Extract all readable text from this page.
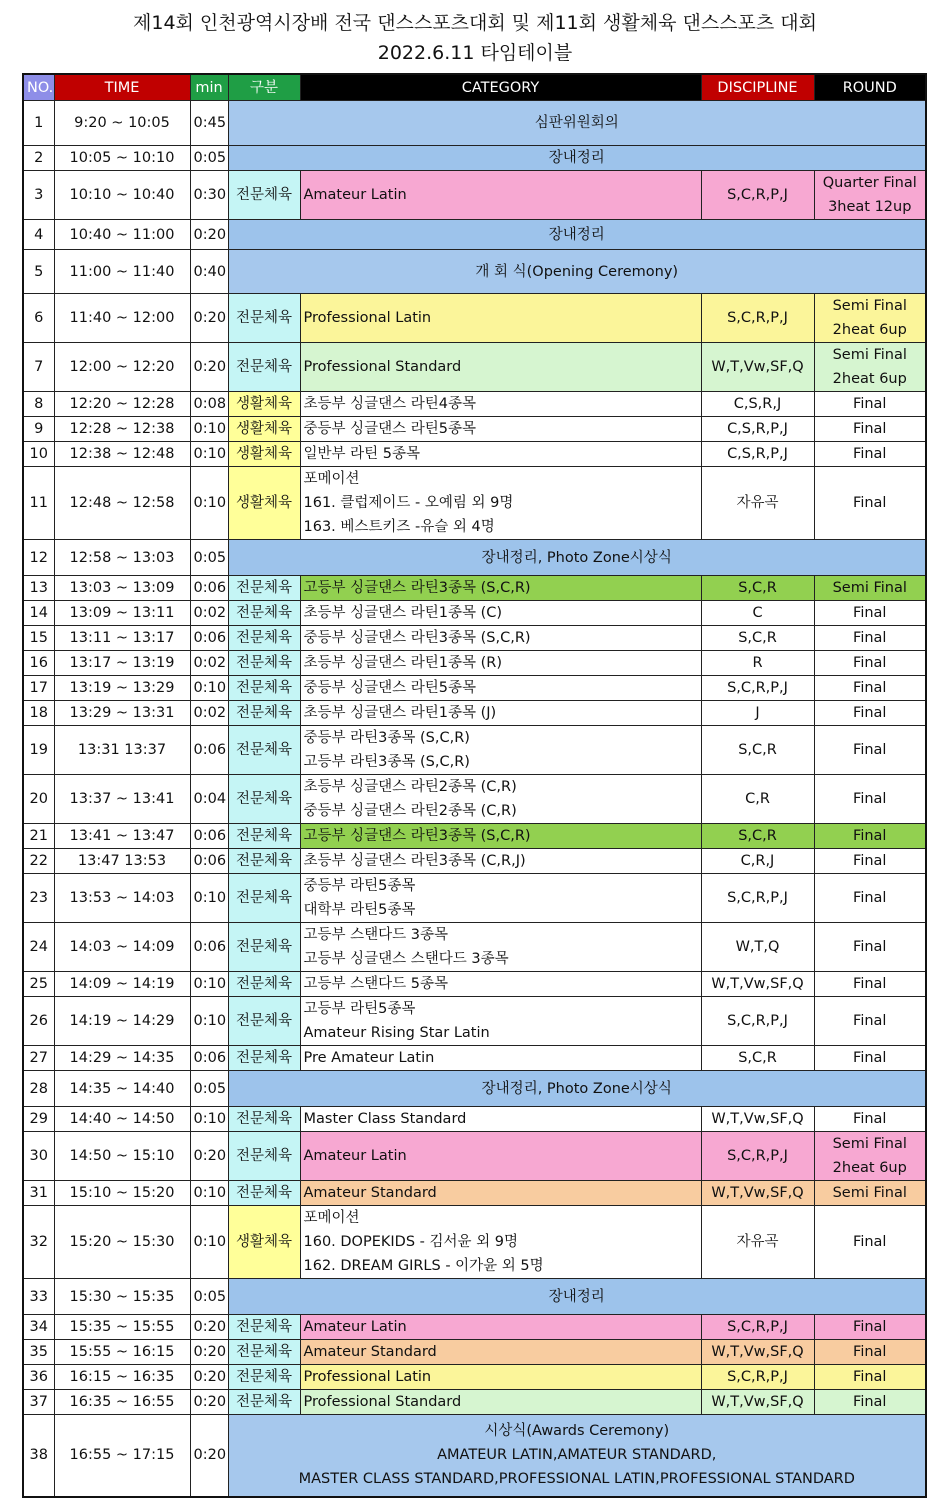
제14회 인천광역시장배 전국 댄스스포츠대회 및 제11회 생활체육 댄스스포츠 대회
2022.6.11 타임테이블
NO.	TIME	min	구분	CATEGORY	DISCIPLINE	ROUND
1	9:20 ~ 10:05	0:45	심판위원회의			
2	10:05 ~ 10:10	0:05	장내정리			
3	10:10 ~ 10:40	0:30	전문체육	Amateur Latin	S,C,R,P,J	Quarter Final
3heat 12up

4	10:40 ~ 11:00	0:20	장내정리			
5	11:00 ~ 11:40	0:40	개 회 식(Opening Ceremony)			
6	11:40 ~ 12:00	0:20	전문체육	Professional Latin	S,C,R,P,J	Semi Final
2heat 6up

7	12:00 ~ 12:20	0:20	전문체육	Professional Standard	W,T,Vw,SF,Q	Semi Final
2heat 6up

8	12:20 ~ 12:28	0:08	생활체육	초등부 싱글댄스 라틴4종목	C,S,R,J	Final

9	12:28 ~ 12:38	0:10	생활체육	중등부 싱글댄스 라틴5종목	C,S,R,P,J	Final

10	12:38 ~ 12:48	0:10	생활체육	일반부 라틴 5종목	C,S,R,P,J	Final

11	12:48 ~ 12:58	0:10	생활체육	포메이션
161. 클럽제이드 - 오예림 외 9명
163. 베스트키즈 -유슬 외 4명	자유곡	Final

12	12:58 ~ 13:03	0:05	장내정리, Photo Zone시상식			
13	13:03 ~ 13:09	0:06	전문체육	고등부 싱글댄스 라틴3종목 (S,C,R)	S,C,R	Semi Final

14	13:09 ~ 13:11	0:02	전문체육	초등부 싱글댄스 라틴1종목 (C)	C	Final

15	13:11 ~ 13:17	0:06	전문체육	중등부 싱글댄스 라틴3종목 (S,C,R)	S,C,R	Final

16	13:17 ~ 13:19	0:02	전문체육	초등부 싱글댄스 라틴1종목 (R)	R	Final

17	13:19 ~ 13:29	0:10	전문체육	중등부 싱글댄스 라틴5종목	S,C,R,P,J	Final

18	13:29 ~ 13:31	0:02	전문체육	초등부 싱글댄스 라틴1종목 (J)	J	Final

19	13:31 13:37	0:06	전문체육	중등부 라틴3종목 (S,C,R)
고등부 라틴3종목 (S,C,R)	S,C,R	Final

20	13:37 ~ 13:41	0:04	전문체육	초등부 싱글댄스 라틴2종목 (C,R)
중등부 싱글댄스 라틴2종목 (C,R)	C,R	Final

21	13:41 ~ 13:47	0:06	전문체육	고등부 싱글댄스 라틴3종목 (S,C,R)	S,C,R	Final

22	13:47 13:53	0:06	전문체육	초등부 싱글댄스 라틴3종목 (C,R,J)	C,R,J	Final

23	13:53 ~ 14:03	0:10	전문체육	중등부 라틴5종목
대학부 라틴5종목	S,C,R,P,J	Final

24	14:03 ~ 14:09	0:06	전문체육	고등부 스탠다드 3종목
고등부 싱글댄스 스탠다드 3종목	W,T,Q	Final

25	14:09 ~ 14:19	0:10	전문체육	고등부 스탠다드 5종목	W,T,Vw,SF,Q	Final

26	14:19 ~ 14:29	0:10	전문체육	고등부 라틴5종목
Amateur Rising Star Latin	S,C,R,P,J	Final

27	14:29 ~ 14:35	0:06	전문체육	Pre Amateur Latin	S,C,R	Final

28	14:35 ~ 14:40	0:05	장내정리, Photo Zone시상식			
29	14:40 ~ 14:50	0:10	전문체육	Master Class Standard	W,T,Vw,SF,Q	Final

30	14:50 ~ 15:10	0:20	전문체육	Amateur Latin	S,C,R,P,J	Semi Final
2heat 6up

31	15:10 ~ 15:20	0:10	전문체육	Amateur Standard	W,T,Vw,SF,Q	Semi Final

32	15:20 ~ 15:30	0:10	생활체육	포메이션
160. DOPEKIDS - 김서윤 외 9명
162. DREAM GIRLS - 이가윤 외 5명	자유곡	Final

33	15:30 ~ 15:35	0:05	장내정리			
34	15:35 ~ 15:55	0:20	전문체육	Amateur Latin	S,C,R,P,J	Final

35	15:55 ~ 16:15	0:20	전문체육	Amateur Standard	W,T,Vw,SF,Q	Final

36	16:15 ~ 16:35	0:20	전문체육	Professional Latin	S,C,R,P,J	Final

37	16:35 ~ 16:55	0:20	전문체육	Professional Standard	W,T,Vw,SF,Q	Final

38	16:55 ~ 17:15	0:20	시상식(Awards Ceremony)
AMATEUR LATIN,AMATEUR STANDARD,
MASTER CLASS STANDARD,PROFESSIONAL LATIN,PROFESSIONAL STANDARD			
